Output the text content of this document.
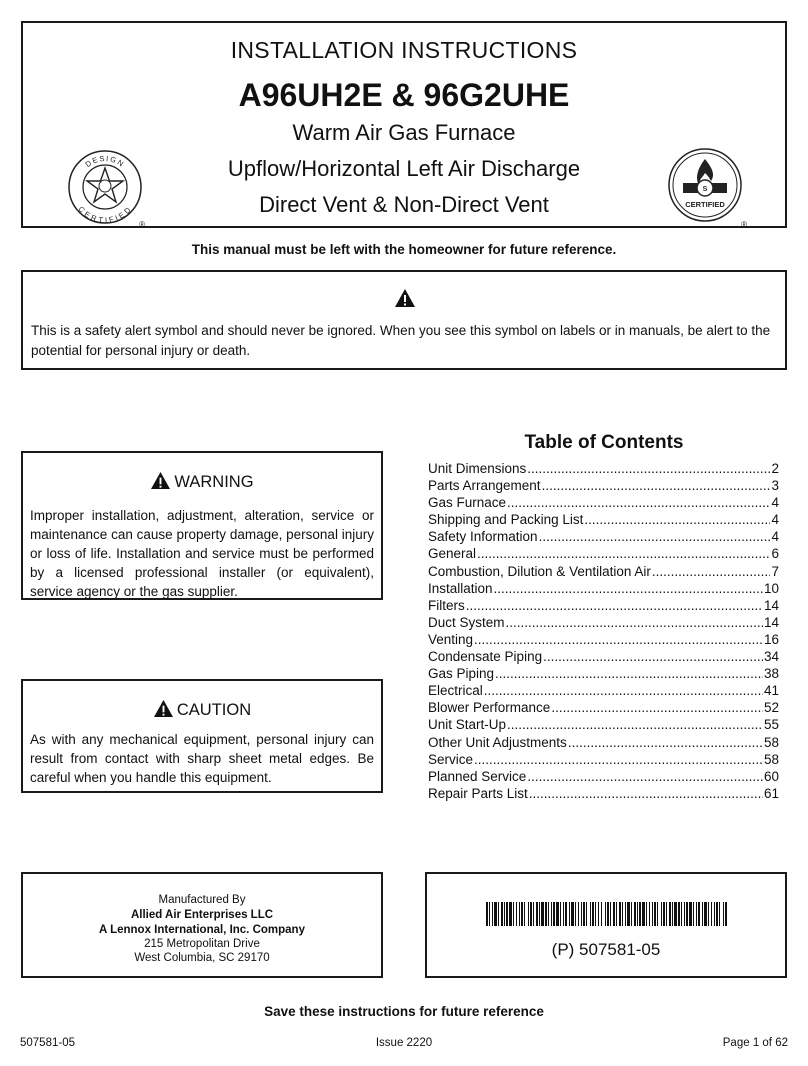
INSTALLATION INSTRUCTIONS
A96UH2E & 96G2UHE
Warm Air Gas Furnace
Upflow/Horizontal Left Air Discharge
Direct Vent & Non-Direct Vent
DESIGN
CERTIFIED
®
S
CERTIFIED
®
This manual must be left with the homeowner for future reference.
This is a safety alert symbol and should never be ignored. When you see this symbol on labels or in manuals, be alert to the potential for personal injury or death.
WARNING
Improper installation, adjustment, alteration, service or maintenance can cause property damage, personal injury or loss of life. Installation and service must be performed by a licensed professional installer (or equivalent), service agency or the gas supplier.
CAUTION
As with any mechanical equipment, personal injury can result from contact with sharp sheet metal edges. Be careful when you handle this equipment.
Table of Contents
Unit Dimensions .....	2
Parts Arrangement .....	3
Gas Furnace .....	4
Shipping and Packing List .....	4
Safety Information .....	4
General .....	6
Combustion, Dilution & Ventilation Air .....	7
Installation .....	10
Filters .....	14
Duct System .....	14
Venting .....	16
Condensate Piping .....	34
Gas Piping .....	38
Electrical .....	41
Blower Performance .....	52
Unit Start-Up .....	55
Other Unit Adjustments .....	58
Service .....	58
Planned Service .....	60
Repair Parts List .....	61
Manufactured By
Allied Air Enterprises LLC
A Lennox International, Inc. Company
215 Metropolitan Drive
West Columbia, SC 29170	(P) 507581-05
Save these instructions for future reference
507581-05	Issue 2220	Page 1 of 62
